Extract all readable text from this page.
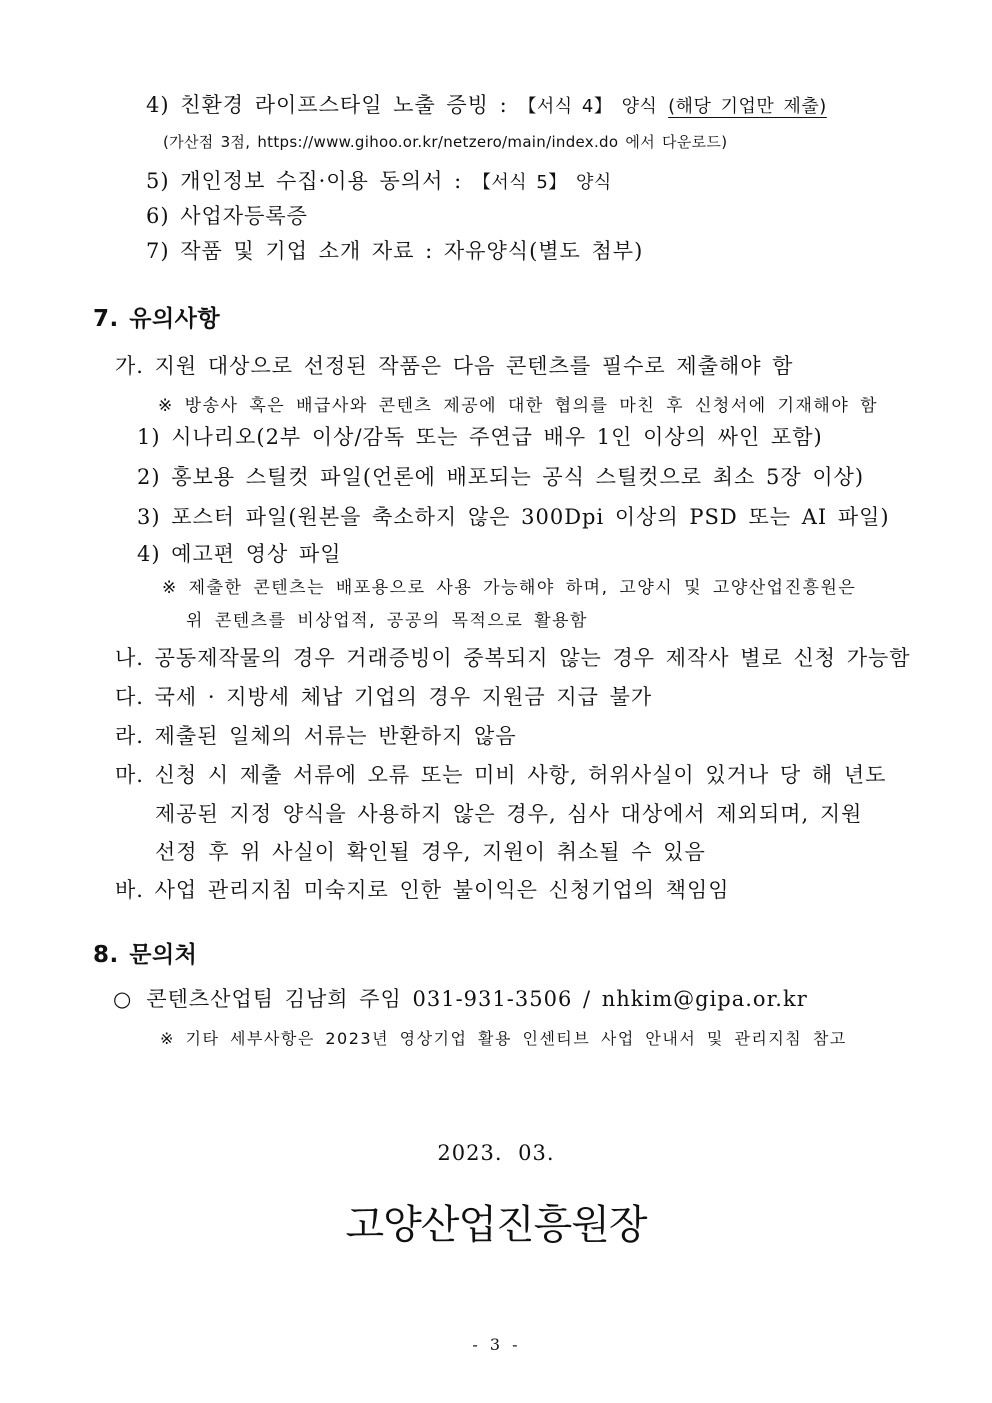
4) 친환경 라이프스타일 노출 증빙 : 【서식 4】 양식 (해당 기업만 제출)
(가산점 3점, https://www.gihoo.or.kr/netzero/main/index.do 에서 다운로드)
5) 개인정보 수집·이용 동의서 : 【서식 5】 양식
6) 사업자등록증
7) 작품 및 기업 소개 자료 : 자유양식(별도 첨부)
7. 유의사항
가. 지원 대상으로 선정된 작품은 다음 콘텐츠를 필수로 제출해야 함
※ 방송사 혹은 배급사와 콘텐츠 제공에 대한 협의를 마친 후 신청서에 기재해야 함
1) 시나리오(2부 이상/감독 또는 주연급 배우 1인 이상의 싸인 포함)
2) 홍보용 스틸컷 파일(언론에 배포되는 공식 스틸컷으로 최소 5장 이상)
3) 포스터 파일(원본을 축소하지 않은 300Dpi 이상의 PSD 또는 AI 파일)
4) 예고편 영상 파일
※ 제출한 콘텐츠는 배포용으로 사용 가능해야 하며, 고양시 및 고양산업진흥원은
위 콘텐츠를 비상업적, 공공의 목적으로 활용함
나. 공동제작물의 경우 거래증빙이 중복되지 않는 경우 제작사 별로 신청 가능함
다. 국세 · 지방세 체납 기업의 경우 지원금 지급 불가
라. 제출된 일체의 서류는 반환하지 않음
마. 신청 시 제출 서류에 오류 또는 미비 사항, 허위사실이 있거나 당 해 년도
제공된 지정 양식을 사용하지 않은 경우, 심사 대상에서 제외되며, 지원
선정 후 위 사실이 확인될 경우, 지원이 취소될 수 있음
바. 사업 관리지침 미숙지로 인한 불이익은 신청기업의 책임임
8. 문의처
○ 콘텐츠산업팀 김남희 주임 031-931-3506 / nhkim@gipa.or.kr
※ 기타 세부사항은 2023년 영상기업 활용 인센티브 사업 안내서 및 관리지침 참고
2023. 03.
고양산업진흥원장
- 3 -
